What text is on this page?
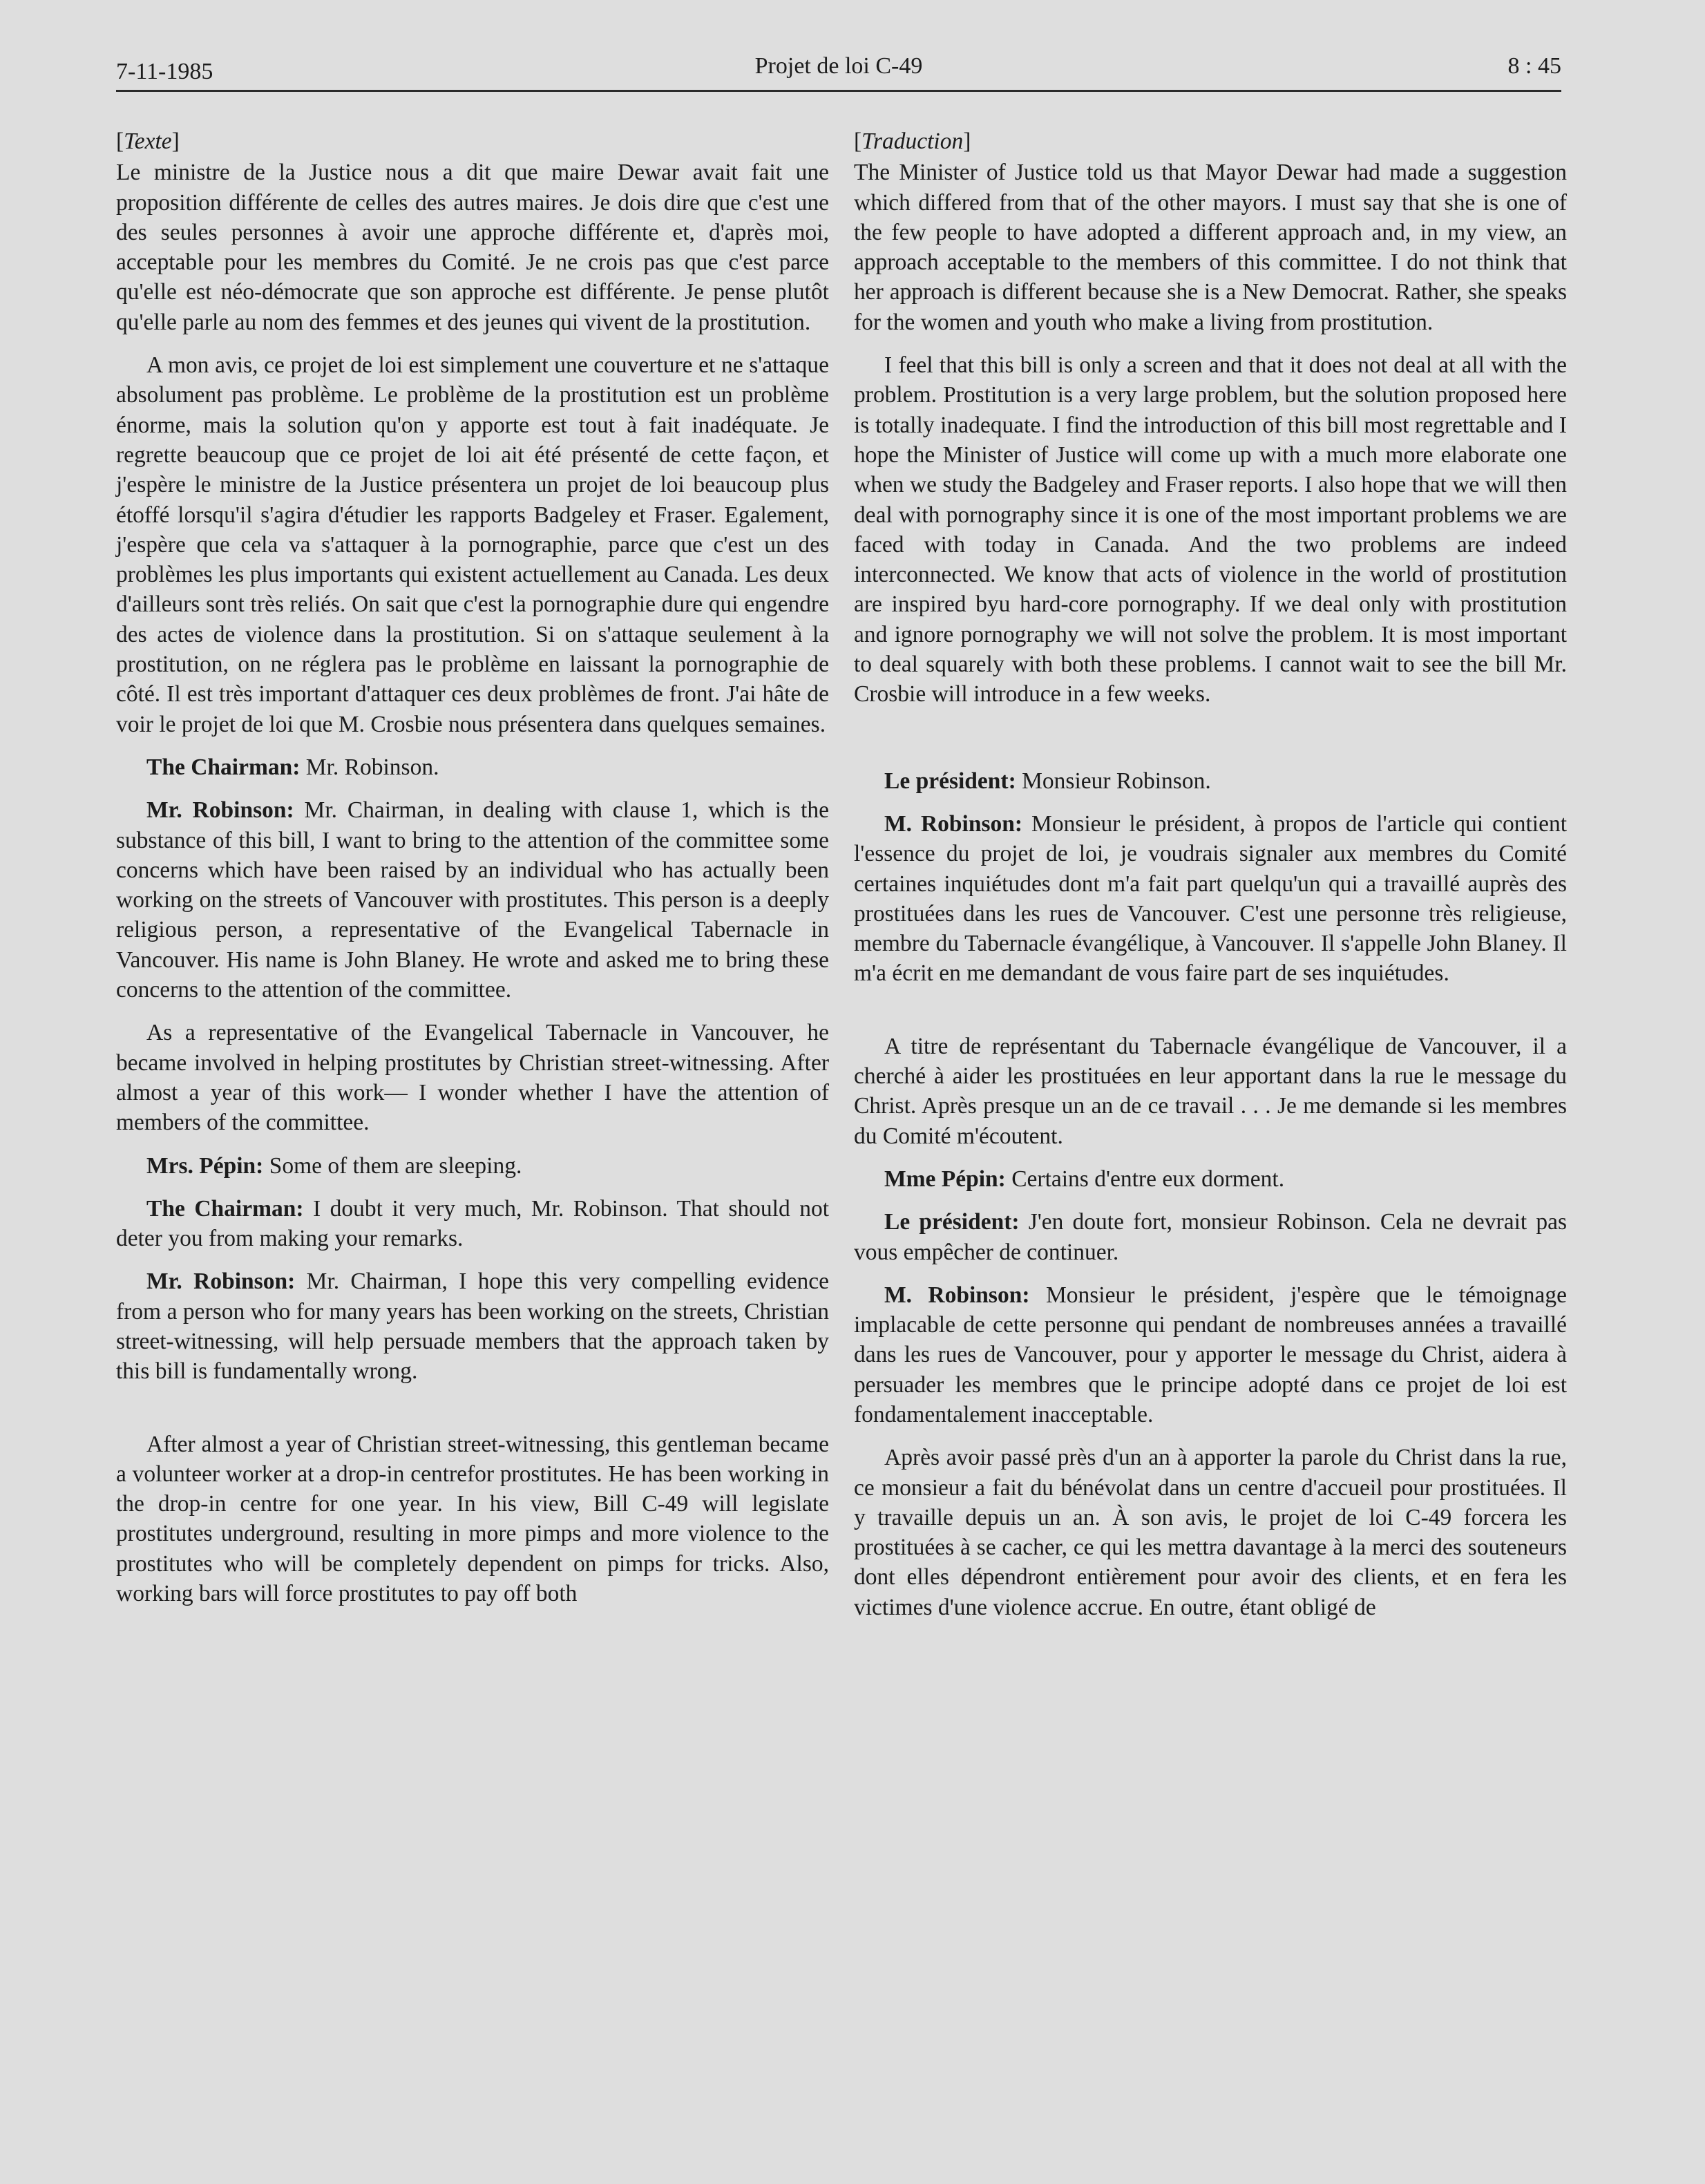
7-11-1985	Projet de loi C-49	8 : 45
[Texte]

Le ministre de la Justice nous a dit que maire Dewar avait fait une proposition différente de celles des autres maires. Je dois dire que c'est une des seules personnes à avoir une approche différente et, d'après moi, acceptable pour les membres du Comité. Je ne crois pas que c'est parce qu'elle est néo-démocrate que son approche est différente. Je pense plutôt qu'elle parle au nom des femmes et des jeunes qui vivent de la prostitution.

A mon avis, ce projet de loi est simplement une couverture et ne s'attaque absolument pas problème. Le problème de la prostitution est un problème énorme, mais la solution qu'on y apporte est tout à fait inadéquate. Je regrette beaucoup que ce projet de loi ait été présenté de cette façon, et j'espère le ministre de la Justice présentera un projet de loi beaucoup plus étoffé lorsqu'il s'agira d'étudier les rapports Badgeley et Fraser. Egalement, j'espère que cela va s'attaquer à la pornographie, parce que c'est un des problèmes les plus importants qui existent actuellement au Canada. Les deux d'ailleurs sont très reliés. On sait que c'est la pornographie dure qui engendre des actes de violence dans la prostitution. Si on s'attaque seulement à la prostitution, on ne réglera pas le problème en laissant la pornographie de côté. Il est très important d'attaquer ces deux problèmes de front. J'ai hâte de voir le projet de loi que M. Crosbie nous présentera dans quelques semaines.

The Chairman: Mr. Robinson.

Mr. Robinson: Mr. Chairman, in dealing with clause 1, which is the substance of this bill, I want to bring to the attention of the committee some concerns which have been raised by an individual who has actually been working on the streets of Vancouver with prostitutes. This person is a deeply religious person, a representative of the Evangelical Tabernacle in Vancouver. His name is John Blaney. He wrote and asked me to bring these concerns to the attention of the committee.

As a representative of the Evangelical Tabernacle in Vancouver, he became involved in helping prostitutes by Christian street-witnessing. After almost a year of this work— I wonder whether I have the attention of members of the committee.

Mrs. Pépin: Some of them are sleeping.

The Chairman: I doubt it very much, Mr. Robinson. That should not deter you from making your remarks.

Mr. Robinson: Mr. Chairman, I hope this very compelling evidence from a person who for many years has been working on the streets, Christian street-witnessing, will help persuade members that the approach taken by this bill is fundamentally wrong.

After almost a year of Christian street-witnessing, this gentleman became a volunteer worker at a drop-in centrefor prostitutes. He has been working in the drop-in centre for one year. In his view, Bill C-49 will legislate prostitutes underground, resulting in more pimps and more violence to the prostitutes who will be completely dependent on pimps for tricks. Also, working bars will force prostitutes to pay off both

[Traduction]

The Minister of Justice told us that Mayor Dewar had made a suggestion which differed from that of the other mayors. I must say that she is one of the few people to have adopted a different approach and, in my view, an approach acceptable to the members of this committee. I do not think that her approach is different because she is a New Democrat. Rather, she speaks for the women and youth who make a living from prostitution.

I feel that this bill is only a screen and that it does not deal at all with the problem. Prostitution is a very large problem, but the solution proposed here is totally inadequate. I find the introduction of this bill most regrettable and I hope the Minister of Justice will come up with a much more elaborate one when we study the Badgeley and Fraser reports. I also hope that we will then deal with pornography since it is one of the most important problems we are faced with today in Canada. And the two problems are indeed interconnected. We know that acts of violence in the world of prostitution are inspired byu hard-core pornography. If we deal only with prostitution and ignore pornography we will not solve the problem. It is most important to deal squarely with both these problems. I cannot wait to see the bill Mr. Crosbie will introduce in a few weeks.

Le président: Monsieur Robinson.

M. Robinson: Monsieur le président, à propos de l'article qui contient l'essence du projet de loi, je voudrais signaler aux membres du Comité certaines inquiétudes dont m'a fait part quelqu'un qui a travaillé auprès des prostituées dans les rues de Vancouver. C'est une personne très religieuse, membre du Tabernacle évangélique, à Vancouver. Il s'appelle John Blaney. Il m'a écrit en me demandant de vous faire part de ses inquiétudes.

A titre de représentant du Tabernacle évangélique de Vancouver, il a cherché à aider les prostituées en leur apportant dans la rue le message du Christ. Après presque un an de ce travail . . . Je me demande si les membres du Comité m'écoutent.

Mme Pépin: Certains d'entre eux dorment.

Le président: J'en doute fort, monsieur Robinson. Cela ne devrait pas vous empêcher de continuer.

M. Robinson: Monsieur le président, j'espère que le témoignage implacable de cette personne qui pendant de nombreuses années a travaillé dans les rues de Vancouver, pour y apporter le message du Christ, aidera à persuader les membres que le principe adopté dans ce projet de loi est fondamentalement inacceptable.

Après avoir passé près d'un an à apporter la parole du Christ dans la rue, ce monsieur a fait du bénévolat dans un centre d'accueil pour prostituées. Il y travaille depuis un an. À son avis, le projet de loi C-49 forcera les prostituées à se cacher, ce qui les mettra davantage à la merci des souteneurs dont elles dépendront entièrement pour avoir des clients, et en fera les victimes d'une violence accrue. En outre, étant obligé de
